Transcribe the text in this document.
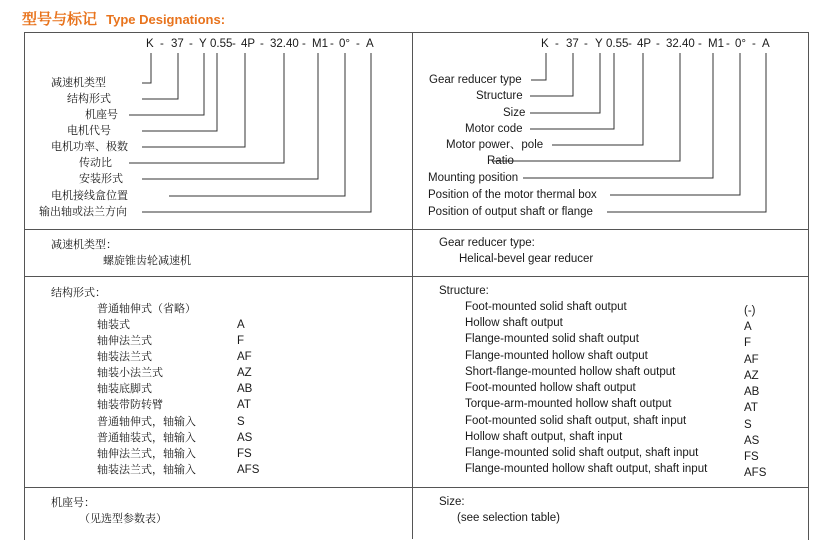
型号与标记 Type Designations:
K - 37 - Y 0.55 - 4P - 32.40 - M1 - 0° - A	K - 37 - Y 0.55 - 4P - 32.40 - M1 - 0° - A
减速机类型
结构形式
机座号
电机代号
电机功率、极数
传动比
安装形式
电机接线盒位置
输出轴或法兰方向
Gear reducer type
Structure
Size
Motor code
Motor power、pole
Ratio
Mounting position
Position of the motor thermal box
Position of output shaft or flange
减速机类型：
螺旋锥齿轮减速机
Gear reducer type:
Helical-bevel gear reducer
结构形式：
普通轴伸式（省略）
轴装式
轴伸法兰式
轴装法兰式
轴装小法兰式
轴装底脚式
轴装带防转臂
普通轴伸式，轴输入
普通轴装式，轴输入
轴伸法兰式，轴输入
轴装法兰式，轴输入
A
F
AF
AZ
AB
AT
S
AS
FS
AFS
Structure:
Foot-mounted solid shaft output
Hollow shaft output
Flange-mounted solid shaft output
Flange-mounted hollow shaft output
Short-flange-mounted hollow shaft output
Foot-mounted hollow shaft output
Torque-arm-mounted hollow shaft output
Foot-mounted solid shaft output, shaft input
Hollow shaft output, shaft input
Flange-mounted solid shaft output, shaft input
Flange-mounted hollow shaft output, shaft input
(-)
A
F
AF
AZ
AB
AT
S
AS
FS
AFS
机座号：
（见选型参数表）
Size:
(see selection table)
